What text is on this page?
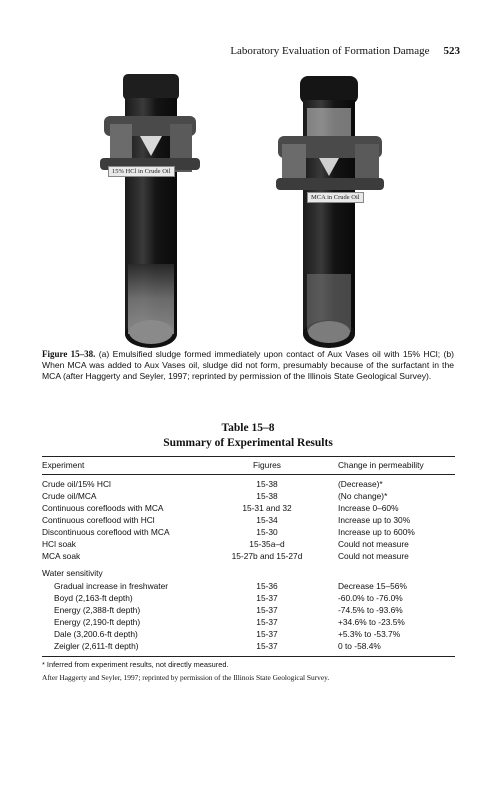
Laboratory Evaluation of Formation Damage 523
15% HCl in Crude Oil
MCA in Crude Oil
Figure 15–38. (a) Emulsified sludge formed immediately upon contact of Aux Vases oil with 15% HCl; (b) When MCA was added to Aux Vases oil, sludge did not form, presumably because of the surfactant in the MCA (after Haggerty and Seyler, 1997; reprinted by permission of the Illinois State Geological Survey).
Table 15–8
Summary of Experimental Results
Experiment	Figures	Change in permeability
Crude oil/15% HCl	15-38	(Decrease)*
Crude oil/MCA	15-38	(No change)*
Continuous corefloods with MCA	15-31 and 32	Increase 0–60%
Continuous coreflood with HCl	15-34	Increase up to 30%
Discontinuous coreflood with MCA	15-30	Increase up to 600%
HCl soak	15-35a–d	Could not measure
MCA soak	15-27b and 15-27d	Could not measure
Water sensitivity
Gradual increase in freshwater	15-36	Decrease 15–56%
Boyd (2,163-ft depth)	15-37	-60.0% to -76.0%
Energy (2,388-ft depth)	15-37	-74.5% to -93.6%
Energy (2,190-ft depth)	15-37	+34.6% to -23.5%
Dale (3,200.6-ft depth)	15-37	+5.3% to -53.7%
Zeigler (2,611-ft depth)	15-37	0 to -58.4%
* Inferred from experiment results, not directly measured.
After Haggerty and Seyler, 1997; reprinted by permission of the Illinois State Geological Survey.
